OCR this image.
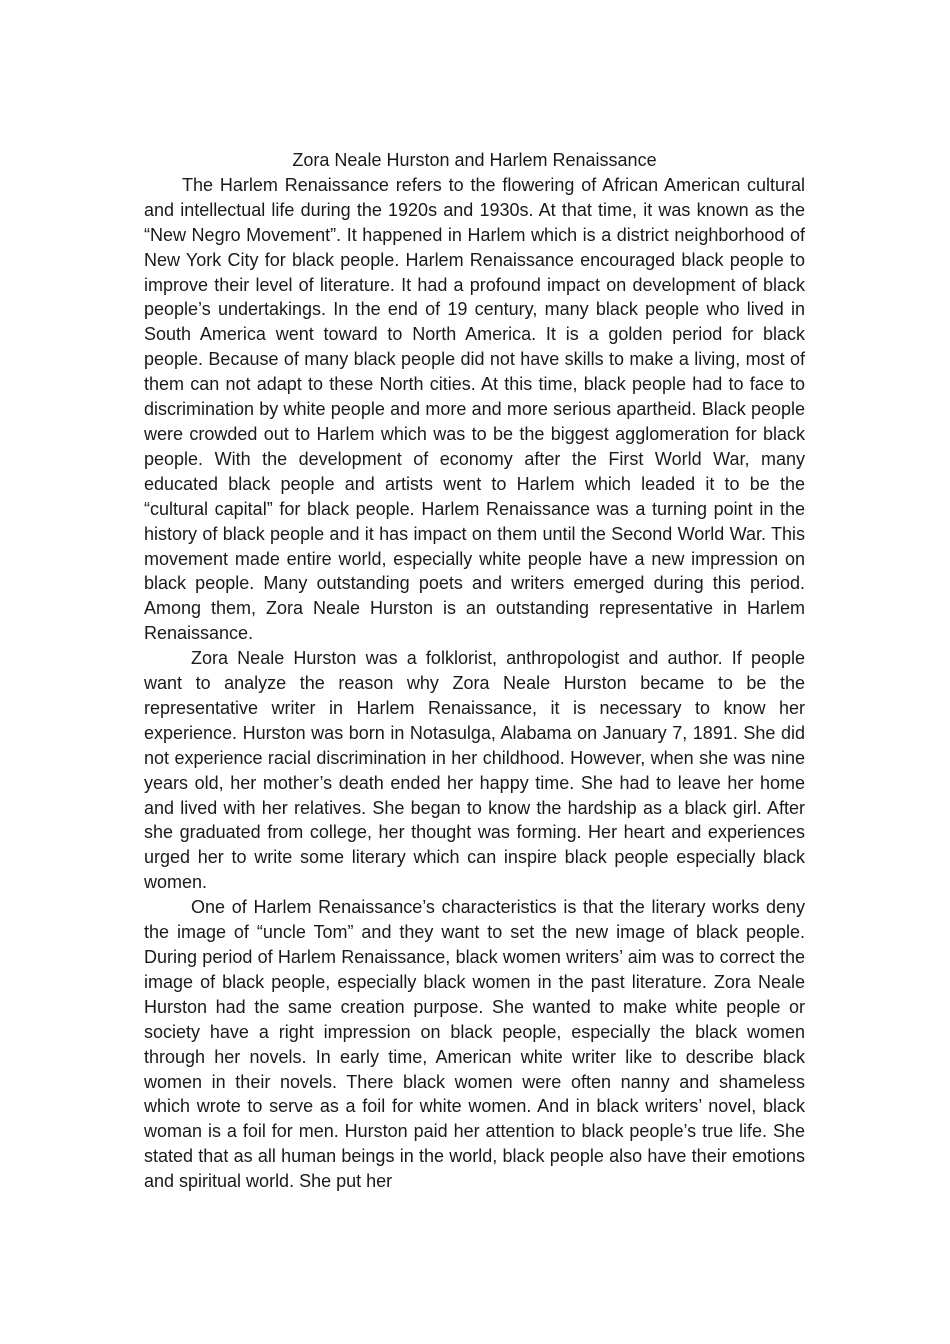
Zora Neale Hurston and Harlem Renaissance

The Harlem Renaissance refers to the flowering of African American cultural and intellectual life during the 1920s and 1930s. At that time, it was known as the “New Negro Movement”. It happened in Harlem which is a district neighborhood of New York City for black people. Harlem Renaissance encouraged black people to improve their level of literature. It had a profound impact on development of black people’s undertakings. In the end of 19 century, many black people who lived in South America went toward to North America. It is a golden period for black people. Because of many black people did not have skills to make a living, most of them can not adapt to these North cities. At this time, black people had to face to discrimination by white people and more and more serious apartheid. Black people were crowded out to Harlem which was to be the biggest agglomeration for black people. With the development of economy after the First World War, many educated black people and artists went to Harlem which leaded it to be the “cultural capital” for black people. Harlem Renaissance was a turning point in the history of black people and it has impact on them until the Second World War. This movement made entire world, especially white people have a new impression on black people. Many outstanding poets and writers emerged during this period. Among them, Zora Neale Hurston is an outstanding representative in Harlem Renaissance.

Zora Neale Hurston was a folklorist, anthropologist and author. If people want to analyze the reason why Zora Neale Hurston became to be the representative writer in Harlem Renaissance, it is necessary to know her experience. Hurston was born in Notasulga, Alabama on January 7, 1891. She did not experience racial discrimination in her childhood. However, when she was nine years old, her mother’s death ended her happy time. She had to leave her home and lived with her relatives. She began to know the hardship as a black girl. After she graduated from college, her thought was forming. Her heart and experiences urged her to write some literary which can inspire black people especially black women.

One of Harlem Renaissance’s characteristics is that the literary works deny the image of “uncle Tom” and they want to set the new image of black people. During period of Harlem Renaissance, black women writers’ aim was to correct the image of black people, especially black women in the past literature. Zora Neale Hurston had the same creation purpose. She wanted to make white people or society have a right impression on black people, especially the black women through her novels. In early time, American white writer like to describe black women in their novels. There black women were often nanny and shameless which wrote to serve as a foil for white women. And in black writers’ novel, black woman is a foil for men. Hurston paid her attention to black people’s true life. She stated that as all human beings in the world, black people also have their emotions and spiritual world. She put her
